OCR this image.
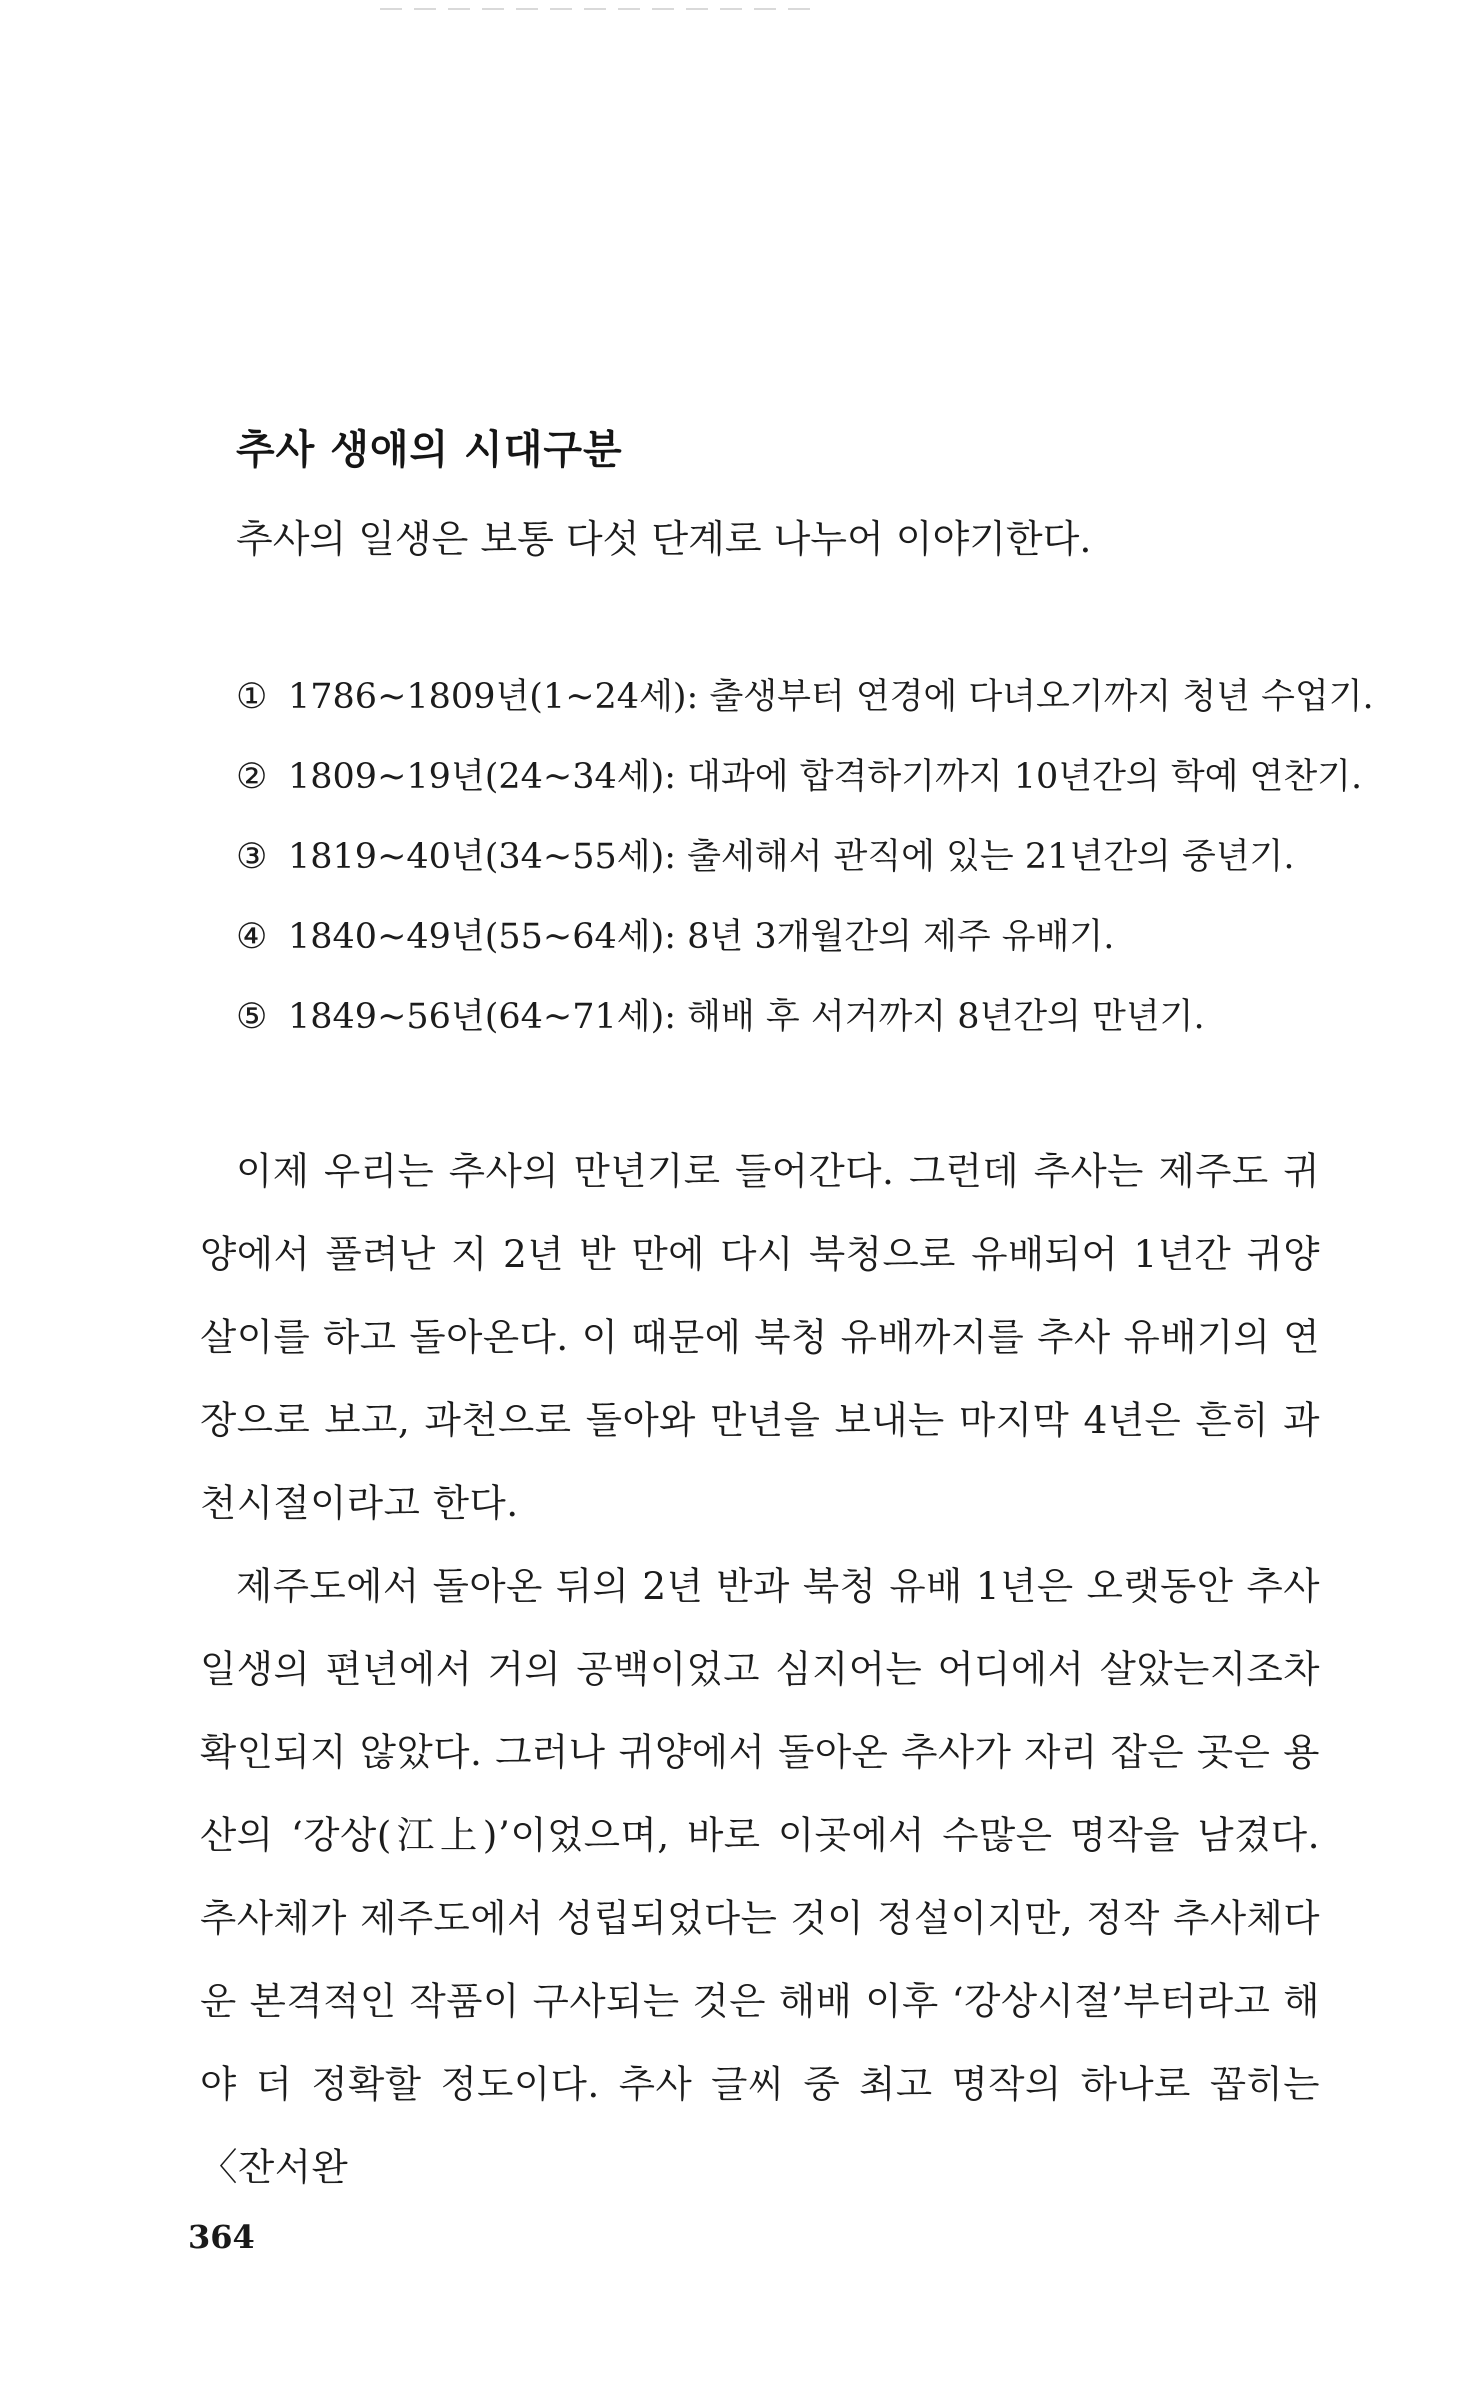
추사 생애의 시대구분

추사의 일생은 보통 다섯 단계로 나누어 이야기한다.

① 1786~1809년(1~24세): 출생부터 연경에 다녀오기까지 청년 수업기.
② 1809~19년(24~34세): 대과에 합격하기까지 10년간의 학예 연찬기.
③ 1819~40년(34~55세): 출세해서 관직에 있는 21년간의 중년기.
④ 1840~49년(55~64세): 8년 3개월간의 제주 유배기.
⑤ 1849~56년(64~71세): 해배 후 서거까지 8년간의 만년기.

이제 우리는 추사의 만년기로 들어간다. 그런데 추사는 제주도 귀양에서 풀려난 지 2년 반 만에 다시 북청으로 유배되어 1년간 귀양살이를 하고 돌아온다. 이 때문에 북청 유배까지를 추사 유배기의 연장으로 보고, 과천으로 돌아와 만년을 보내는 마지막 4년은 흔히 과천시절이라고 한다.

제주도에서 돌아온 뒤의 2년 반과 북청 유배 1년은 오랫동안 추사 일생의 편년에서 거의 공백이었고 심지어는 어디에서 살았는지조차 확인되지 않았다. 그러나 귀양에서 돌아온 추사가 자리 잡은 곳은 용산의 ‘강상(江上)’이었으며, 바로 이곳에서 수많은 명작을 남겼다. 추사체가 제주도에서 성립되었다는 것이 정설이지만, 정작 추사체다운 본격적인 작품이 구사되는 것은 해배 이후 ‘강상시절’부터라고 해야 더 정확할 정도이다. 추사 글씨 중 최고 명작의 하나로 꼽히는 〈잔서완

364
